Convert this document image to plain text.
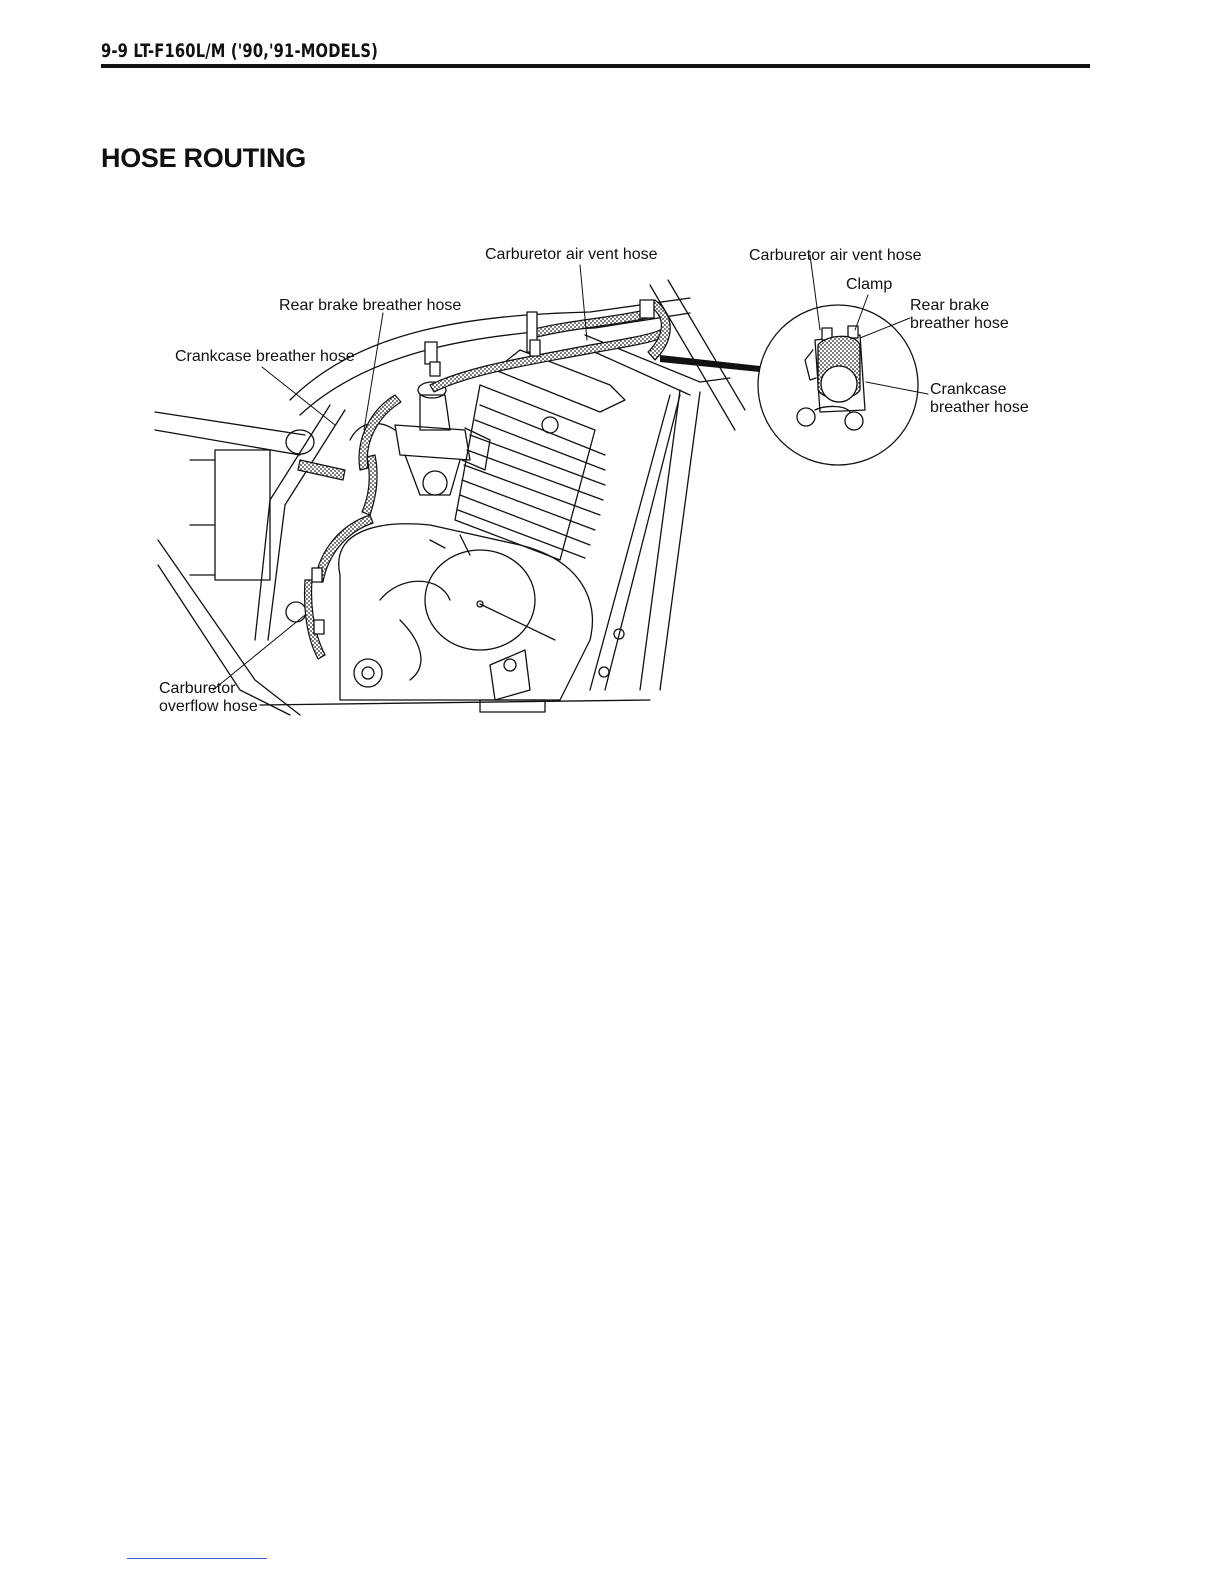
9-9 LT-F160L/M ('90,'91-MODELS)
HOSE ROUTING
Carburetor air vent hose
Rear brake breather hose
Crankcase breather hose
Carburetor
overflow hose
Carburetor air vent hose
Clamp
Rear brake
breather hose
Crankcase
breather hose
